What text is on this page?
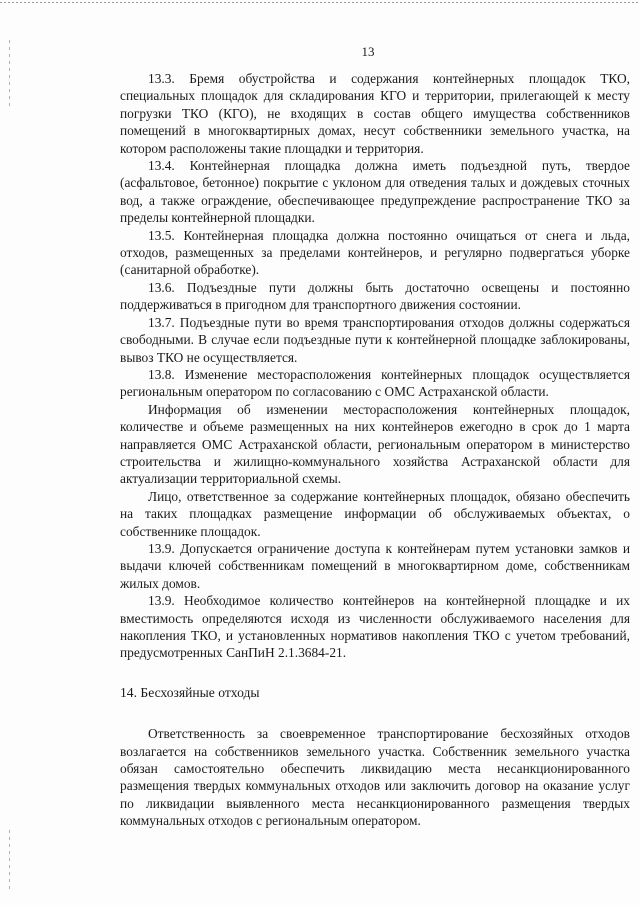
13

13.3. Бремя обустройства и содержания контейнерных площадок ТКО, специальных площадок для складирования КГО и территории, прилегающей к месту погрузки ТКО (КГО), не входящих в состав общего имущества собственников помещений в многоквартирных домах, несут собственники земельного участка, на котором расположены такие площадки и территория.

13.4. Контейнерная площадка должна иметь подъездной путь, твердое (асфальтовое, бетонное) покрытие с уклоном для отведения талых и дождевых сточных вод, а также ограждение, обеспечивающее предупреждение распространение ТКО за пределы контейнерной площадки.

13.5. Контейнерная площадка должна постоянно очищаться от снега и льда, отходов, размещенных за пределами контейнеров, и регулярно подвергаться уборке (санитарной обработке).

13.6. Подъездные пути должны быть достаточно освещены и постоянно поддерживаться в пригодном для транспортного движения состоянии.

13.7. Подъездные пути во время транспортирования отходов должны содержаться свободными. В случае если подъездные пути к контейнерной площадке заблокированы, вывоз ТКО не осуществляется.

13.8. Изменение месторасположения контейнерных площадок осуществляется региональным оператором по согласованию с ОМС Астраханской области.

Информация об изменении месторасположения контейнерных площадок, количестве и объеме размещенных на них контейнеров ежегодно в срок до 1 марта направляется ОМС Астраханской области, региональным оператором в министерство строительства и жилищно-коммунального хозяйства Астраханской области для актуализации территориальной схемы.

Лицо, ответственное за содержание контейнерных площадок, обязано обеспечить на таких площадках размещение информации об обслуживаемых объектах, о собственнике площадок.

13.9. Допускается ограничение доступа к контейнерам путем установки замков и выдачи ключей собственникам помещений в многоквартирном доме, собственникам жилых домов.

13.9. Необходимое количество контейнеров на контейнерной площадке и их вместимость определяются исходя из численности обслуживаемого населения для накопления ТКО, и установленных нормативов накопления ТКО с учетом требований, предусмотренных СанПиН 2.1.3684-21.

14. Бесхозяйные отходы

Ответственность за своевременное транспортирование бесхозяйных отходов возлагается на собственников земельного участка. Собственник земельного участка обязан самостоятельно обеспечить ликвидацию места несанкционированного размещения твердых коммунальных отходов или заключить договор на оказание услуг по ликвидации выявленного места несанкционированного размещения твердых коммунальных отходов с региональным оператором.
